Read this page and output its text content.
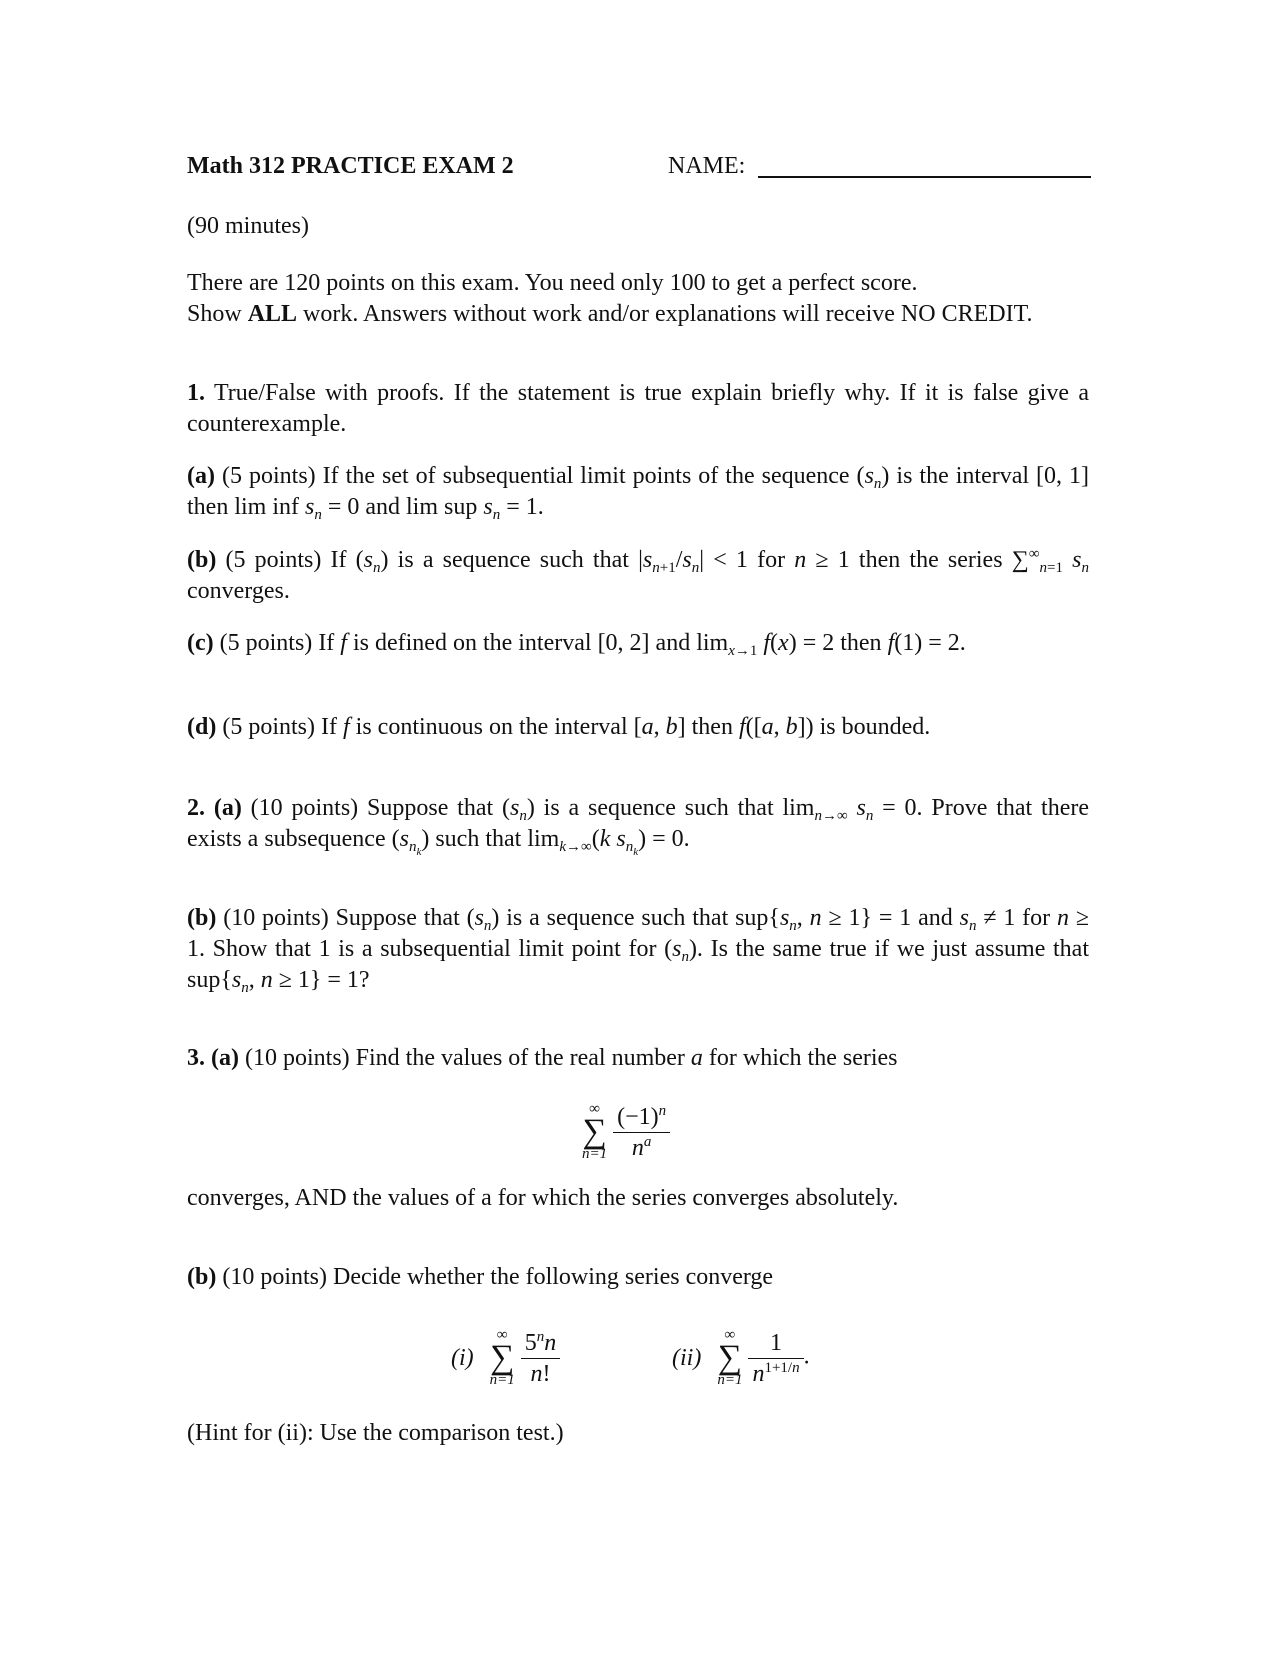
Math 312 PRACTICE EXAM 2	NAME:
(90 minutes)
There are 120 points on this exam. You need only 100 to get a perfect score.
Show ALL work. Answers without work and/or explanations will receive NO CREDIT.
1. True/False with proofs. If the statement is true explain briefly why. If it is false give a counterexample.
(a) (5 points) If the set of subsequential limit points of the sequence $(s_n)$ is the interval [0, 1] then lim inf $s_n = 0$ and lim sup $s_n = 1$.
(b) (5 points) If $(s_n)$ is a sequence such that $|s_{n+1}/s_n| < 1$ for n ≥ 1 then the series $\sum^\infty_{n=1}$ $s_n$ converges.
(c) (5 points) If f is defined on the interval [0, 2] and $\lim_{x\to 1} f(x) = 2$ then f(1) = 2.
(d) (5 points) If f is continuous on the interval [a, b] then f([a, b]) is bounded.
2. (a) (10 points) Suppose that $(s_n)$ is a sequence such that $\lim_{n\to\infty} s_n = 0$. Prove that there exists a subsequence $(s_{n_k})$ such that $\lim_{k\to\infty}(k$ $s_{n_k}) = 0$.
(b) (10 points) Suppose that $(s_n)$ is a sequence such that $sup\{s_n$, n ≥ 1} = 1 and $s_n \ne 1$ for n ≥ 1. Show that 1 is a subsequential limit point for $(s_n)$. Is the same true if we just assume that $sup\{s_n$, n ≥ 1} = 1?
3. (a) (10 points) Find the values of the real number a for which the series
∞
∑
n=1
$\frac{(-1)^n}{n^a}$
converges, AND the values of a for which the series converges absolutely.
(b) (10 points) Decide whether the following series converge
(i)
∞
∑
n=1
$\frac{5^nn}{n!}$	(ii)
∞
∑
n=1
$\frac{1}{n^{1+1/n}}$ .
(Hint for (ii): Use the comparison test.)
